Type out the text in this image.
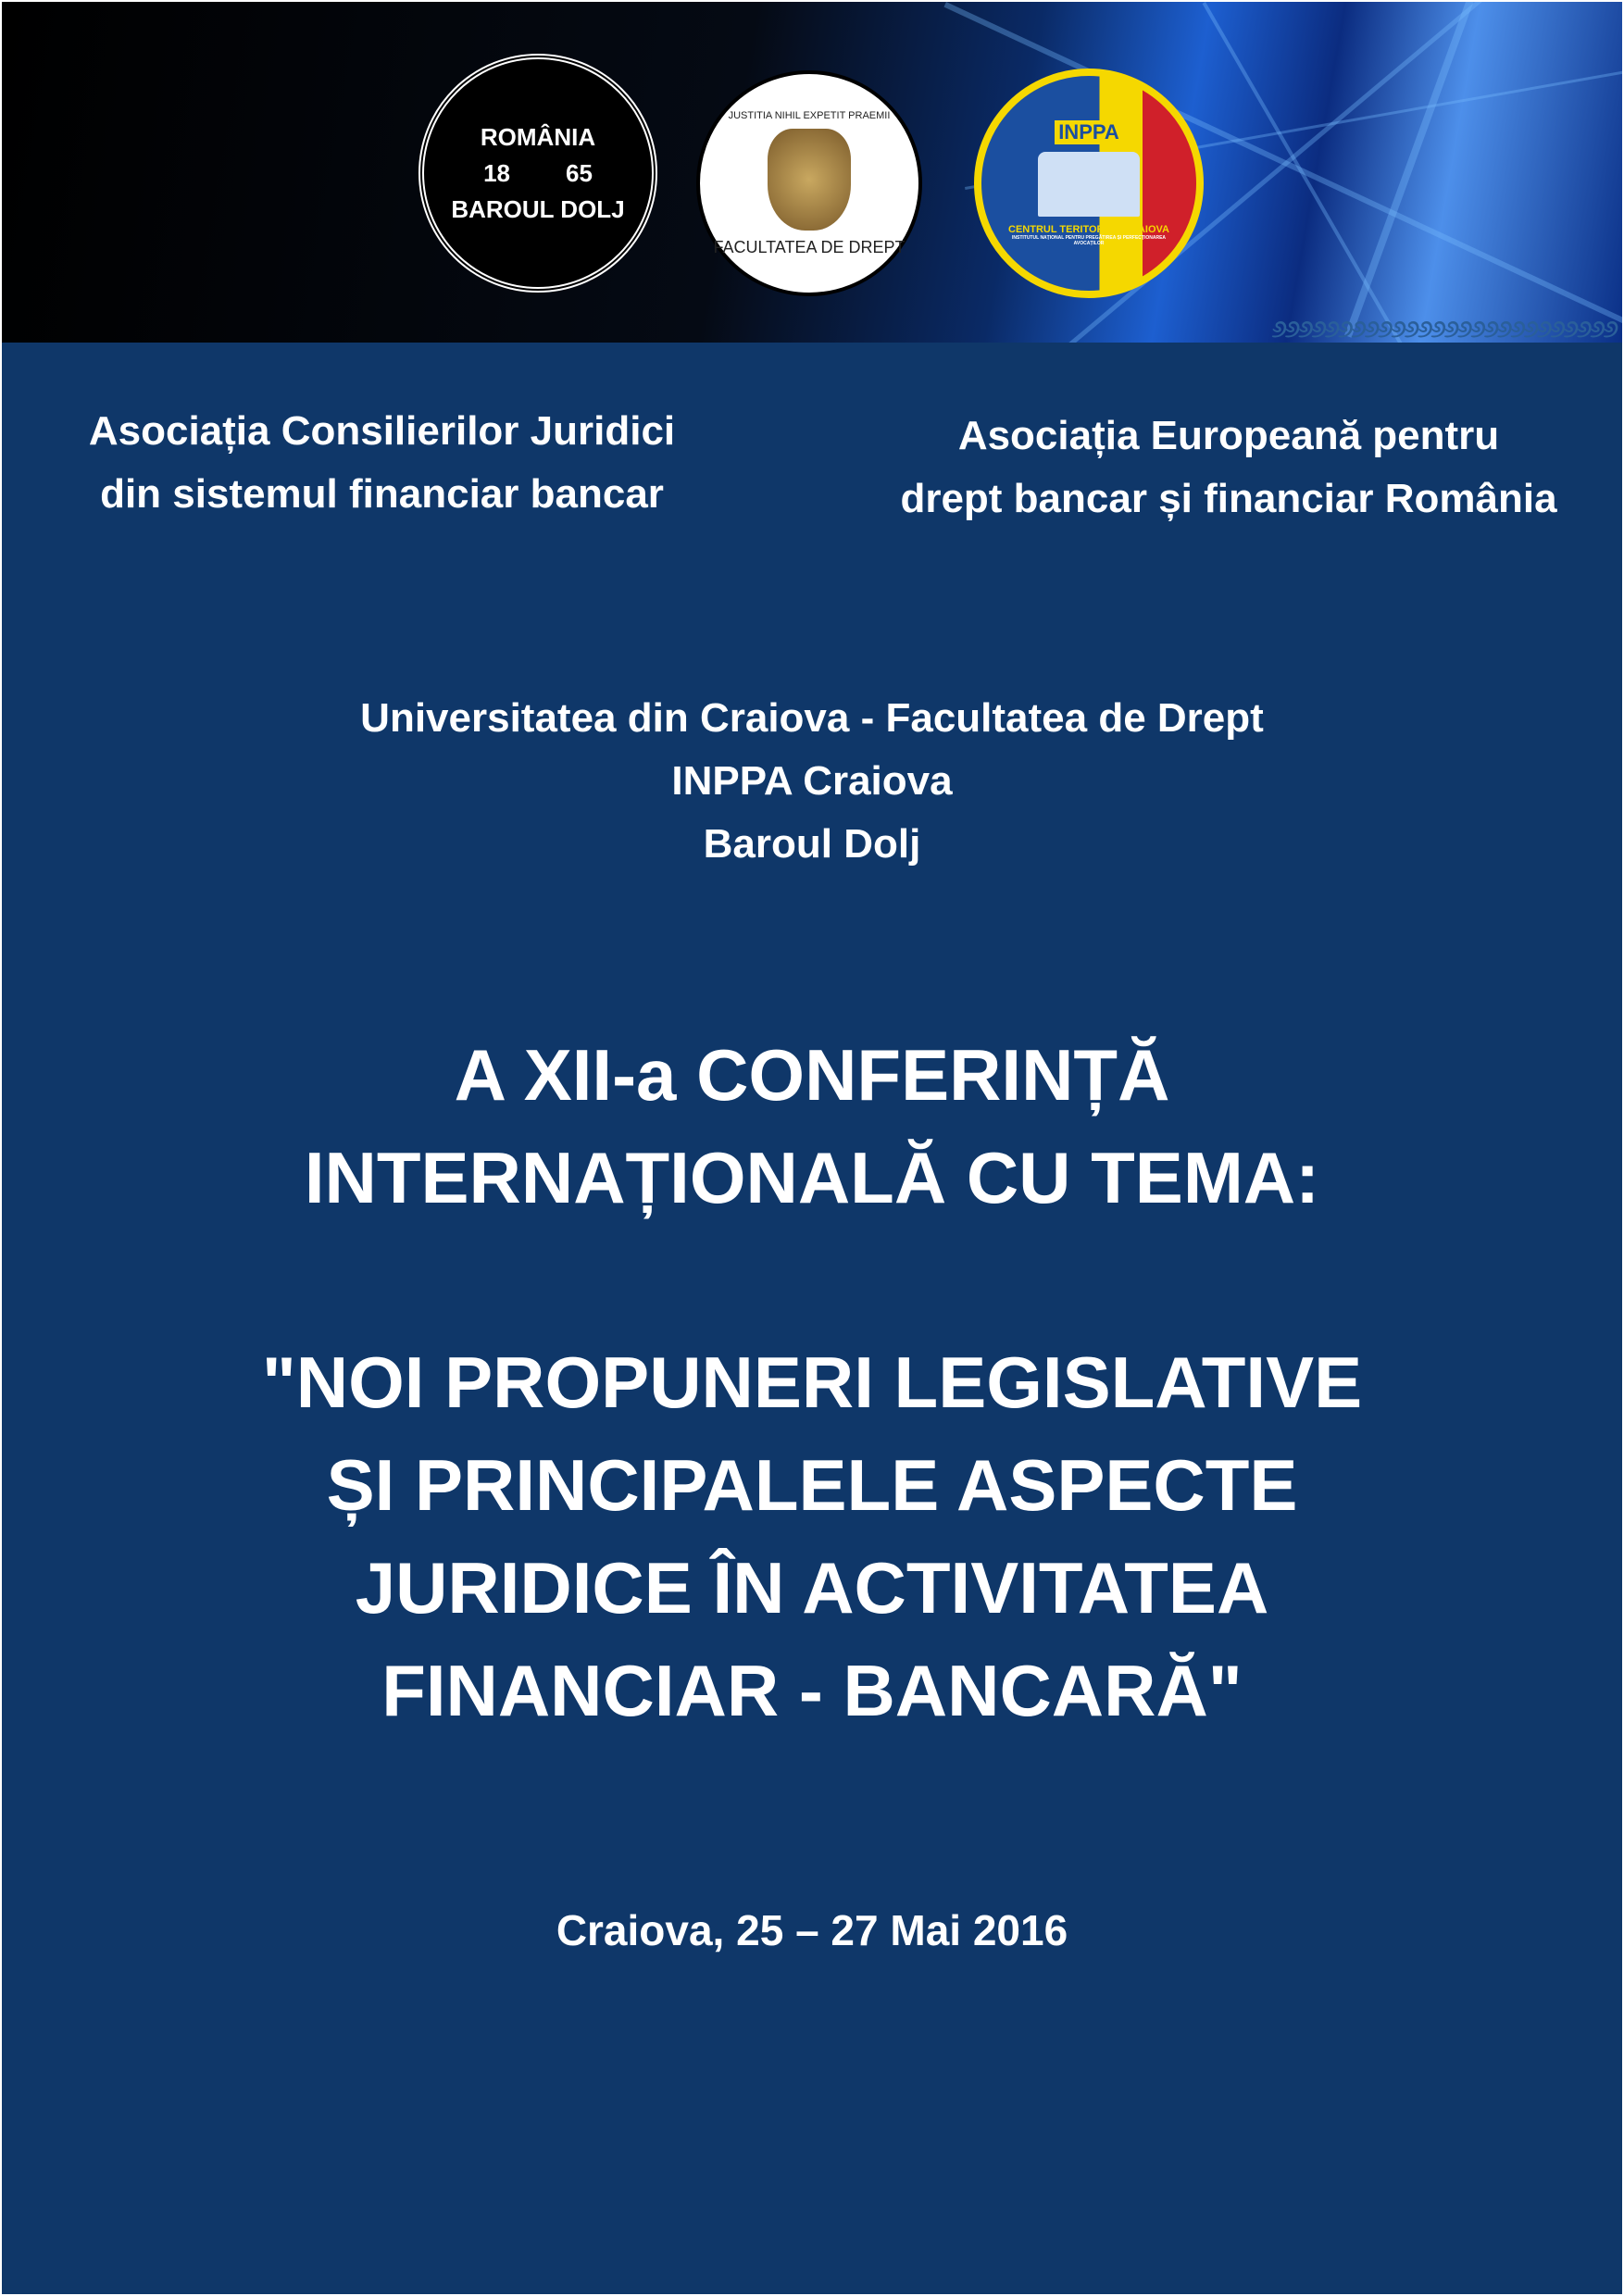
ROMÂNIA
18 65
BAROUL DOLJ
JUSTITIA NIHIL EXPETIT PRAEMII
FACULTATEA DE DREPT
INPPA
CENTRUL TERITORIAL CRAIOVA
INSTITUTUL NAȚIONAL PENTRU PREGĂTIREA ȘI PERFECȚIONAREA AVOCAȚILOR
୬୬୬୬୬୬୬୬୬୬୬୬୬୬୬୬୬୬୬୬୬୬୬୬୬୬
Asociația Consilierilor Juridici
din sistemul financiar bancar
Asociația Europeană pentru
drept bancar și financiar România
Universitatea din Craiova - Facultatea de Drept
INPPA Craiova
Baroul Dolj
A XII-a CONFERINȚĂ
INTERNAȚIONALĂ CU TEMA:
"NOI PROPUNERI LEGISLATIVE
ȘI PRINCIPALELE ASPECTE
JURIDICE ÎN ACTIVITATEA
FINANCIAR - BANCARĂ"
Craiova, 25 – 27 Mai 2016
